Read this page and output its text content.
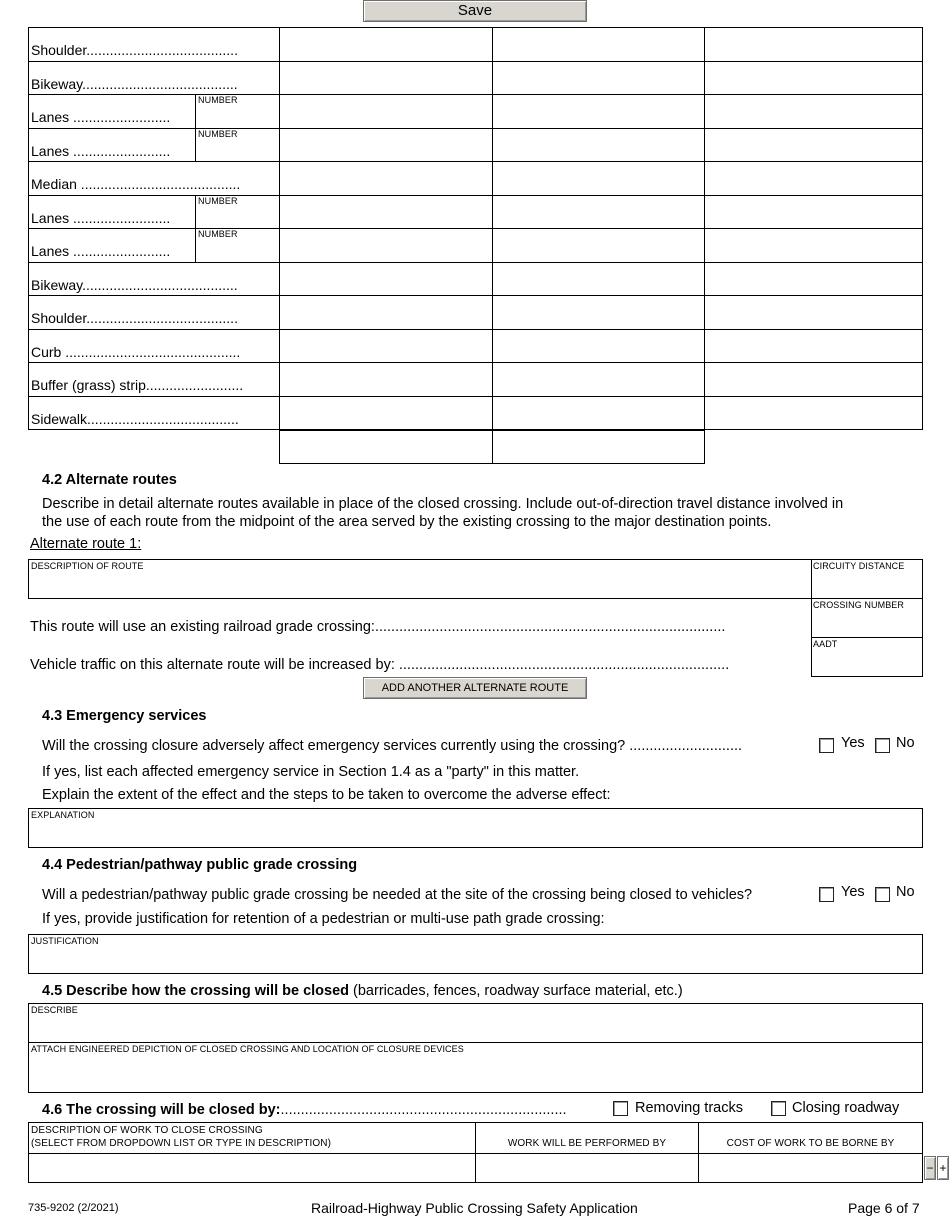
Save
Shoulder.......................................
Bikeway........................................
Lanes .........................
NUMBER
Lanes .........................
NUMBER
Median .........................................
Lanes .........................
NUMBER
Lanes .........................
NUMBER
Bikeway........................................
Shoulder.......................................
Curb .............................................
Buffer (grass) strip.........................
Sidewalk.......................................
4.2 Alternate routes
Describe in detail alternate routes available in place of the closed crossing. Include out-of-direction travel distance involved in
the use of each route from the midpoint of the area served by the existing crossing to the major destination points.
Alternate route 1:
DESCRIPTION OF ROUTE	CIRCUITY DISTANCE
CROSSING NUMBER
AADT
This route will use an existing railroad grade crossing:.......................................................................................
Vehicle traffic on this alternate route will be increased by: ..................................................................................
ADD ANOTHER ALTERNATE ROUTE
4.3 Emergency services
Will the crossing closure adversely affect emergency services currently using the crossing? ............................	Yes No
If yes, list each affected emergency service in Section 1.4 as a "party" in this matter.
Explain the extent of the effect and the steps to be taken to overcome the adverse effect:
EXPLANATION
4.4 Pedestrian/pathway public grade crossing
Will a pedestrian/pathway public grade crossing be needed at the site of the crossing being closed to vehicles?	Yes No
If yes, provide justification for retention of a pedestrian or multi-use path grade crossing:
JUSTIFICATION
4.5 Describe how the crossing will be closed (barricades, fences, roadway surface material, etc.)
DESCRIBE
ATTACH ENGINEERED DEPICTION OF CLOSED CROSSING AND LOCATION OF CLOSURE DEVICES
4.6 The crossing will be closed by:.......................................................................	Removing tracks	Closing roadway
DESCRIPTION OF WORK TO CLOSE CROSSING
(SELECT FROM DROPDOWN LIST OR TYPE IN DESCRIPTION)	WORK WILL BE PERFORMED BY	COST OF WORK TO BE BORNE BY
− +
735-9202 (2/2021)	Railroad-Highway Public Crossing Safety Application	Page 6 of 7
